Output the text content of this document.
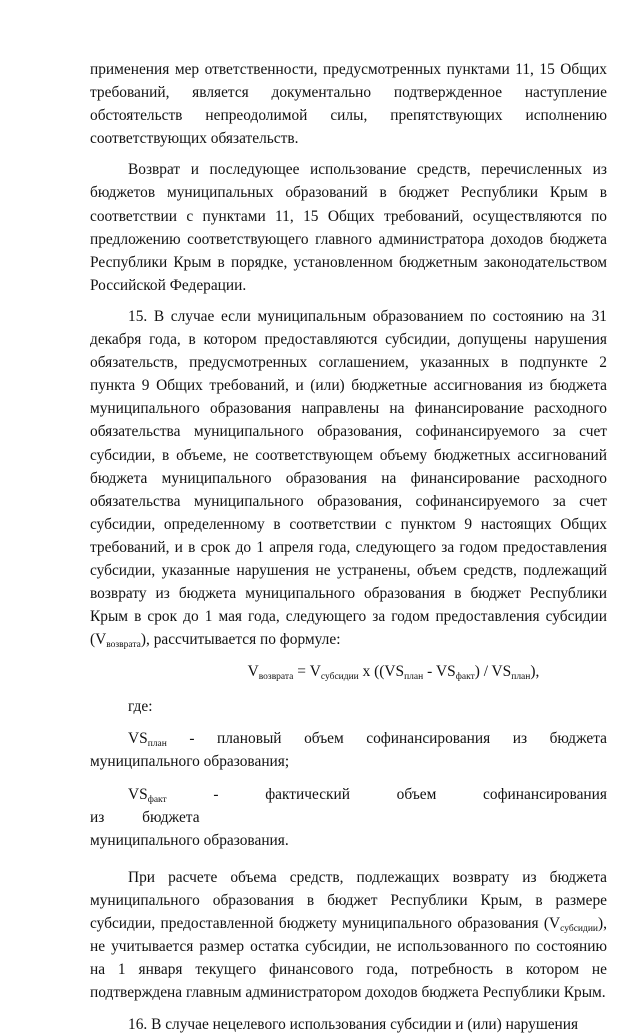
применения мер ответственности, предусмотренных пунктами 11, 15 Общих требований, является документально подтвержденное наступление обстоятельств непреодолимой силы, препятствующих исполнению соответствующих обязательств.

Возврат и последующее использование средств, перечисленных из бюджетов муниципальных образований в бюджет Республики Крым в соответствии с пунктами 11, 15 Общих требований, осуществляются по предложению соответствующего главного администратора доходов бюджета Республики Крым в порядке, установленном бюджетным законодательством Российской Федерации.

15. В случае если муниципальным образованием по состоянию на 31 декабря года, в котором предоставляются субсидии, допущены нарушения обязательств, предусмотренных соглашением, указанных в подпункте 2 пункта 9 Общих требований, и (или) бюджетные ассигнования из бюджета муниципального образования направлены на финансирование расходного обязательства муниципального образования, софинансируемого за счет субсидии, в объеме, не соответствующем объему бюджетных ассигнований бюджета муниципального образования на финансирование расходного обязательства муниципального образования, софинансируемого за счет субсидии, определенному в соответствии с пунктом 9 настоящих Общих требований, и в срок до 1 апреля года, следующего за годом предоставления субсидии, указанные нарушения не устранены, объем средств, подлежащий возврату из бюджета муниципального образования в бюджет Республики Крым в срок до 1 мая года, следующего за годом предоставления субсидии $(V_{возврата})$, рассчитывается по формуле:

$V_{возврата} = V_{субсидии}$ x $((VS_{план} - VS_{факт}) / VS_{план})$,

где:

$VS_{план}$ - плановый объем софинансирования из бюджета муниципального образования;

$VS_{факт}$ - фактический объем софинансирования из бюджета
муниципального образования.

При расчете объема средств, подлежащих возврату из бюджета муниципального образования в бюджет Республики Крым, в размере субсидии, предоставленной бюджету муниципального образования $(V_{субсидии})$, не учитывается размер остатка субсидии, не использованного по состоянию на 1 января текущего финансового года, потребность в котором не подтверждена главным администратором доходов бюджета Республики Крым.

16. В случае нецелевого использования субсидии и (или) нарушения
